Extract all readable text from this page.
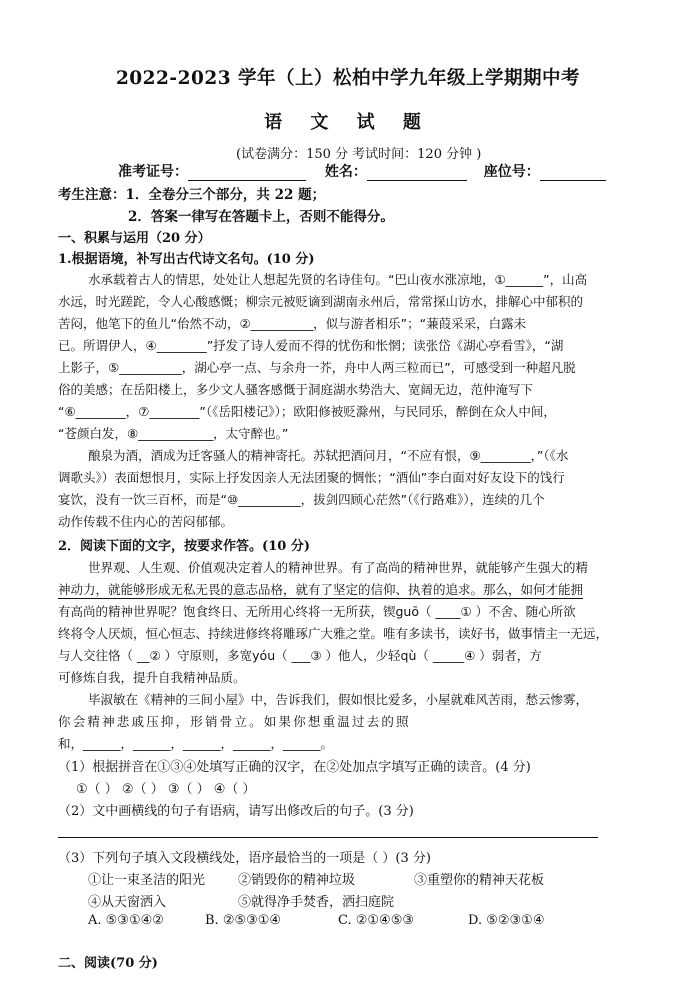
2022-2023 学年（上）松柏中学九年级上学期期中考
语 文 试 题
(试卷满分：150 分 考试时间：120 分钟 )
准考证号：	姓名：	座位号：
考生注意：1．全卷分三个部分，共 22 题；
2．答案一律写在答题卡上，否则不能得分。
一、积累与运用（20 分）
1.根据语境，补写出古代诗文名句。(10 分)
水承载着古人的情思，处处让人想起先贤的名诗佳句。“巴山夜水涨凉地，①______”，山高
水远，时光蹉跎，令人心酸感慨；柳宗元被贬谪到湖南永州后，常常探山访水，排解心中郁积的
苦闷，他笔下的鱼儿“佁然不动，②__________，似与游者相乐”；“蒹葭采采，白露未
已。所谓伊人，④________”抒发了诗人爱而不得的忧伤和怅惘；读张岱《湖心亭看雪》，“湖
上影子，⑤__________，湖心亭一点、与余舟一芥，舟中人两三粒而已”，可感受到一种超凡脱
俗的美感；在岳阳楼上，多少文人骚客感慨于洞庭湖水势浩大、宽阔无边，范仲淹写下
“⑥________，⑦________”（《岳阳楼记》）；欧阳修被贬滁州，与民同乐，醉倒在众人中间，
“苍颜白发，⑧____________，太守醉也。”
酿泉为酒，酒成为迁客骚人的精神寄托。苏轼把酒问月，“不应有恨，⑨________，”（《水
调歌头》）表面想恨月，实际上抒发因亲人无法团聚的惆怅；“酒仙”李白面对好友设下的饯行
宴饮，没有一饮三百杯，而是“⑩__________，拔剑四顾心茫然”（《行路难》），连续的几个
动作传载不住内心的苦闷郁郁。
2．阅读下面的文字，按要求作答。(10 分)
世界观、人生观、价值观决定着人的精神世界。有了高尚的精神世界，就能够产生强大的精
神动力，就能够形成无私无畏的意志品格，就有了坚定的信仰、执着的追求。那么，如何才能拥
有高尚的精神世界呢？饱食终日、无所用心终将一无所获，锲guō（ ____① ）不舍、随心所欲
终将令人厌烦，恒心恒志、持续进修终将雕琢广大雅之堂。唯有多读书，读好书，做事情主一无远，
与人交往恪（ __② ）守原则，多宽yóu（ ___③ ）他人，少轻qù（ _____④ ）弱者，方
可修炼自我，提升自我精神品质。
毕淑敏在《精神的三间小屋》中，告诉我们，假如恨比爱多，小屋就难风苦雨，愁云惨雾，
你会精神悲戚压抑，形销骨立。如果你想重温过去的照
和，______，______，______，______，______。
（1）根据拼音在①③④处填写正确的汉字，在②处加点字填写正确的读音。(4 分)
①（ ） ②（ ） ③（ ） ④（ ）
（2）文中画横线的句子有语病，请写出修改后的句子。(3 分)
（3）下列句子填入文段横线处，语序最恰当的一项是（ ）(3 分)
①让一束圣洁的阳光	②销毁你的精神垃圾	③重塑你的精神天花板
④从天窗洒入	⑤就得净手焚香，洒扫庭院
A. ⑤③①④②	B. ②⑤③①④	C. ②①④⑤③	D. ⑤②③①④
二、阅读(70 分)
